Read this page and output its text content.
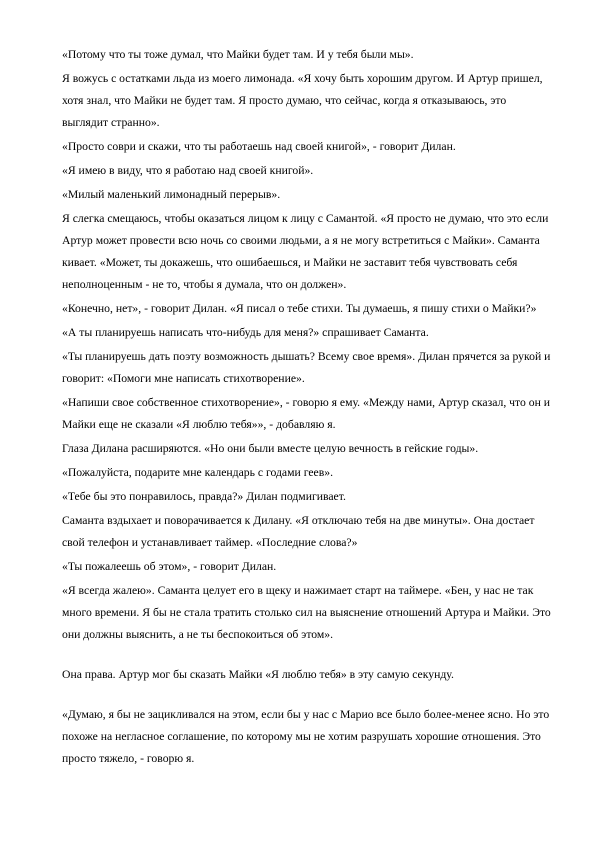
«Потому что ты тоже думал, что Майки будет там. И у тебя были мы».

Я вожусь с остатками льда из моего лимонада. «Я хочу быть хорошим другом. И Артур пришел, хотя знал, что Майки не будет там. Я просто думаю, что сейчас, когда я отказываюсь, это выглядит странно».

«Просто соври и скажи, что ты работаешь над своей книгой», - говорит Дилан.

«Я имею в виду, что я работаю над своей книгой».

«Милый маленький лимонадный перерыв».

Я слегка смещаюсь, чтобы оказаться лицом к лицу с Самантой. «Я просто не думаю, что это если Артур может провести всю ночь со своими людьми, а я не могу встретиться с Майки». Саманта кивает. «Может, ты докажешь, что ошибаешься, и Майки не заставит тебя чувствовать себя неполноценным - не то, чтобы я думала, что он должен».

«Конечно, нет», - говорит Дилан. «Я писал о тебе стихи. Ты думаешь, я пишу стихи о Майки?»

«А ты планируешь написать что-нибудь для меня?» спрашивает Саманта.

«Ты планируешь дать поэту возможность дышать? Всему свое время». Дилан прячется за рукой и говорит: «Помоги мне написать стихотворение».

«Напиши свое собственное стихотворение», - говорю я ему. «Между нами, Артур сказал, что он и Майки еще не сказали «Я люблю тебя»», - добавляю я.

Глаза Дилана расширяются. «Но они были вместе целую вечность в гейские годы».

«Пожалуйста, подарите мне календарь с годами геев».

«Тебе бы это понравилось, правда?» Дилан подмигивает.

Саманта вздыхает и поворачивается к Дилану. «Я отключаю тебя на две минуты». Она достает свой телефон и устанавливает таймер. «Последние слова?»

«Ты пожалеешь об этом», - говорит Дилан.

«Я всегда жалею». Саманта целует его в щеку и нажимает старт на таймере. «Бен, у нас не так много времени. Я бы не стала тратить столько сил на выяснение отношений Артура и Майки. Это они должны выяснить, а не ты беспокоиться об этом».

Она права. Артур мог бы сказать Майки «Я люблю тебя» в эту самую секунду.

«Думаю, я бы не зацикливался на этом, если бы у нас с Марио все было более-менее ясно. Но это похоже на негласное соглашение, по которому мы не хотим разрушать хорошие отношения. Это просто тяжело, - говорю я.
